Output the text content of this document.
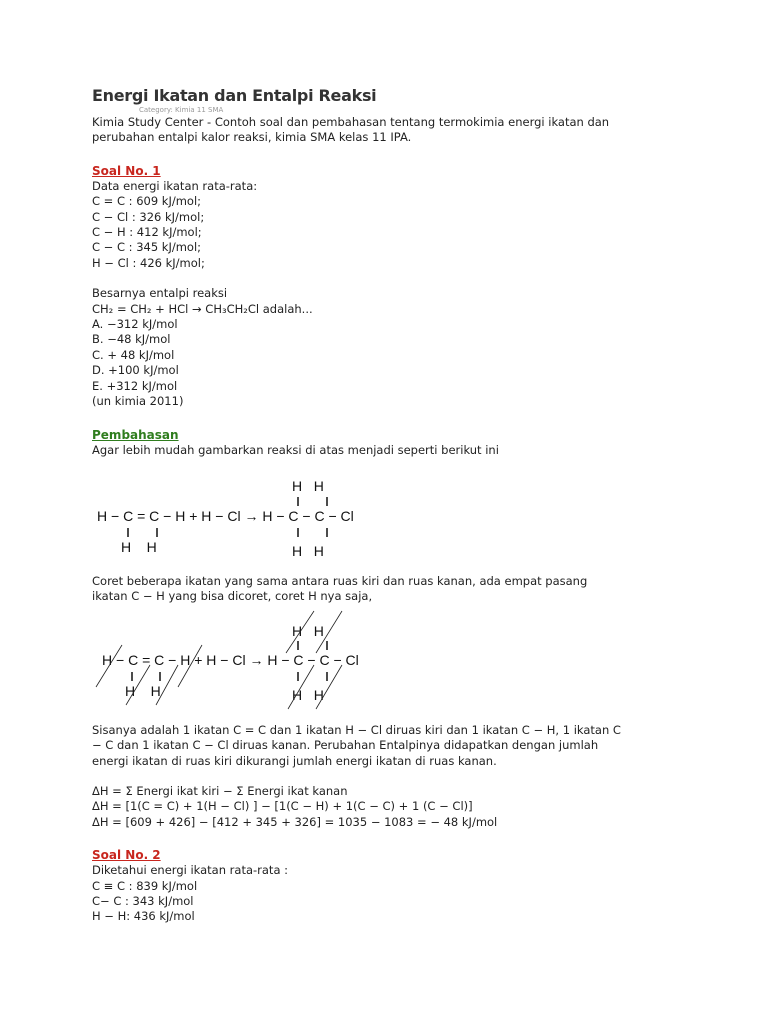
Energi Ikatan dan Entalpi Reaksi
Category: Kimia 11 SMA
Kimia Study Center - Contoh soal dan pembahasan tentang termokimia energi ikatan dan
perubahan entalpi kalor reaksi, kimia SMA kelas 11 IPA.
Soal No. 1
Data energi ikatan rata-rata:
C = C : 609 kJ/mol;
C − Cl : 326 kJ/mol;
C − H : 412 kJ/mol;
C − C : 345 kJ/mol;
H − Cl : 426 kJ/mol;
Besarnya entalpi reaksi
CH₂ = CH₂ + HCl → CH₃CH₂Cl adalah...
A. −312 kJ/mol
B. −48 kJ/mol
C. + 48 kJ/mol
D. +100 kJ/mol
E. +312 kJ/mol
(un kimia 2011)
Pembahasan
Agar lebih mudah gambarkan reaksi di atas menjadi seperti berikut ini
H   H
H − C = C − H + H − Cl → H − C − C − Cl
H    H	H   H
Coret beberapa ikatan yang sama antara ruas kiri dan ruas kanan, ada empat pasang
ikatan C − H yang bisa dicoret, coret H nya saja,
H   H
H − C = C − H + H − Cl → H − C − C − Cl
H    H	H   H
Sisanya adalah 1 ikatan C = C dan 1 ikatan H − Cl diruas kiri dan 1 ikatan C − H, 1 ikatan C
− C dan 1 ikatan C − Cl diruas kanan. Perubahan Entalpinya didapatkan dengan jumlah
energi ikatan di ruas kiri dikurangi jumlah energi ikatan di ruas kanan.
ΔH = Σ Energi ikat kiri − Σ Energi ikat kanan
ΔH = [1(C = C) + 1(H − Cl) ] − [1(C − H) + 1(C − C) + 1 (C − Cl)]
ΔH = [609 + 426] − [412 + 345 + 326] = 1035 − 1083 = − 48 kJ/mol
Soal No. 2
Diketahui energi ikatan rata-rata :
C ≡ C : 839 kJ/mol
C− C : 343 kJ/mol
H − H: 436 kJ/mol
